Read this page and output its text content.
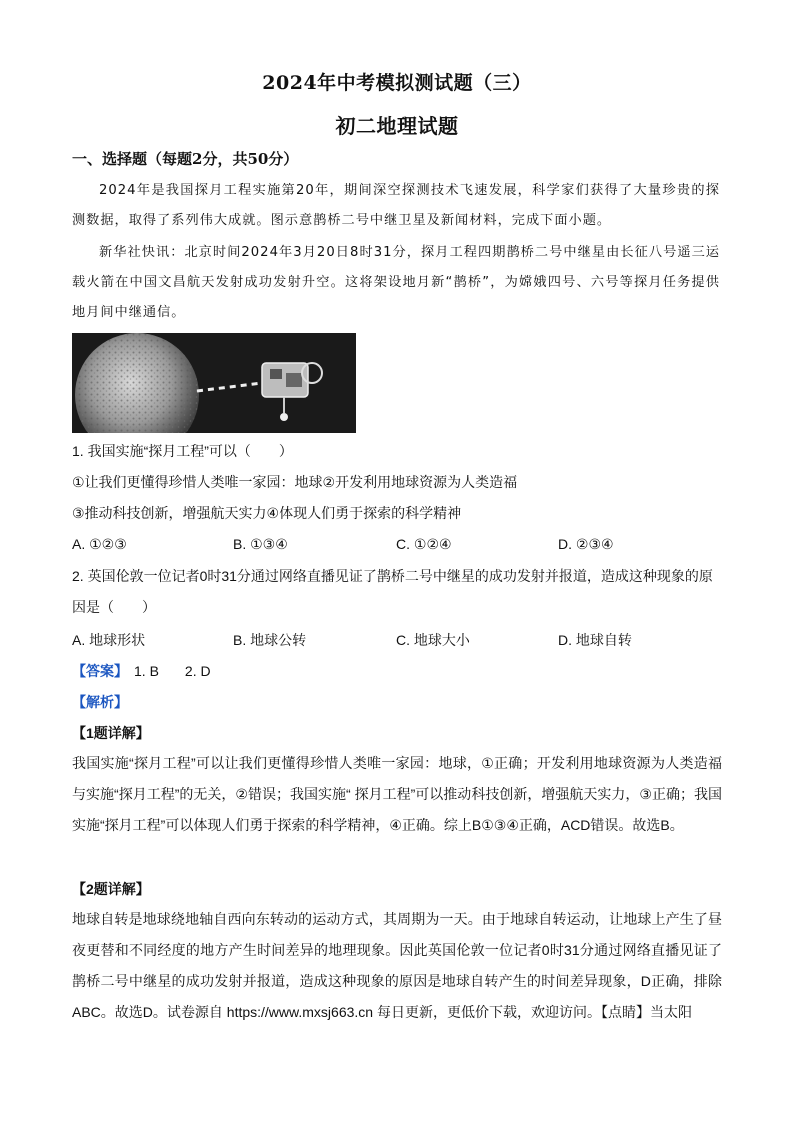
2024年中考模拟测试题（三）
初二地理试题
一、选择题（每题2分，共50分）
2024年是我国探月工程实施第20年，期间深空探测技术飞速发展，科学家们获得了大量珍贵的探测数据，取得了系列伟大成就。图示意鹊桥二号中继卫星及新闻材料，完成下面小题。
新华社快讯：北京时间2024年3月20日8时31分，探月工程四期鹊桥二号中继星由长征八号遥三运载火箭在中国文昌航天发射成功发射升空。这将架设地月新“鹊桥”，为嫦娥四号、六号等探月任务提供地月间中继通信。
1. 我国实施“探月工程”可以（　　）
①让我们更懂得珍惜人类唯一家园：地球②开发利用地球资源为人类造福
③推动科技创新，增强航天实力④体现人们勇于探索的科学精神
A. ①②③	B. ①③④	C. ①②④	D. ②③④
2. 英国伦敦一位记者0时31分通过网络直播见证了鹊桥二号中继星的成功发射并报道，造成这种现象的原因是（　　）
A. 地球形状	B. 地球公转	C. 地球大小	D. 地球自转
【答案】 1. B 2. D
【解析】
【1题详解】
我国实施“探月工程”可以让我们更懂得珍惜人类唯一家园：地球，①正确；开发利用地球资源为人类造福与实施“探月工程”的无关，②错误；我国实施“ 探月工程”可以推动科技创新，增强航天实力，③正确；我国实施“探月工程”可以体现人们勇于探索的科学精神，④正确。综上B①③④正确，ACD错误。故选B。
【2题详解】
地球自转是地球绕地轴自西向东转动的运动方式，其周期为一天。由于地球自转运动，让地球上产生了昼夜更替和不同经度的地方产生时间差异的地理现象。因此英国伦敦一位记者0时31分通过网络直播见证了鹊桥二号中继星的成功发射并报道，造成这种现象的原因是地球自转产生的时间差异现象，D正确，排除ABC。故选D。试卷源自 https://www.mxsj663.cn 每日更新，更低价下载，欢迎访问。【点睛】当太阳
